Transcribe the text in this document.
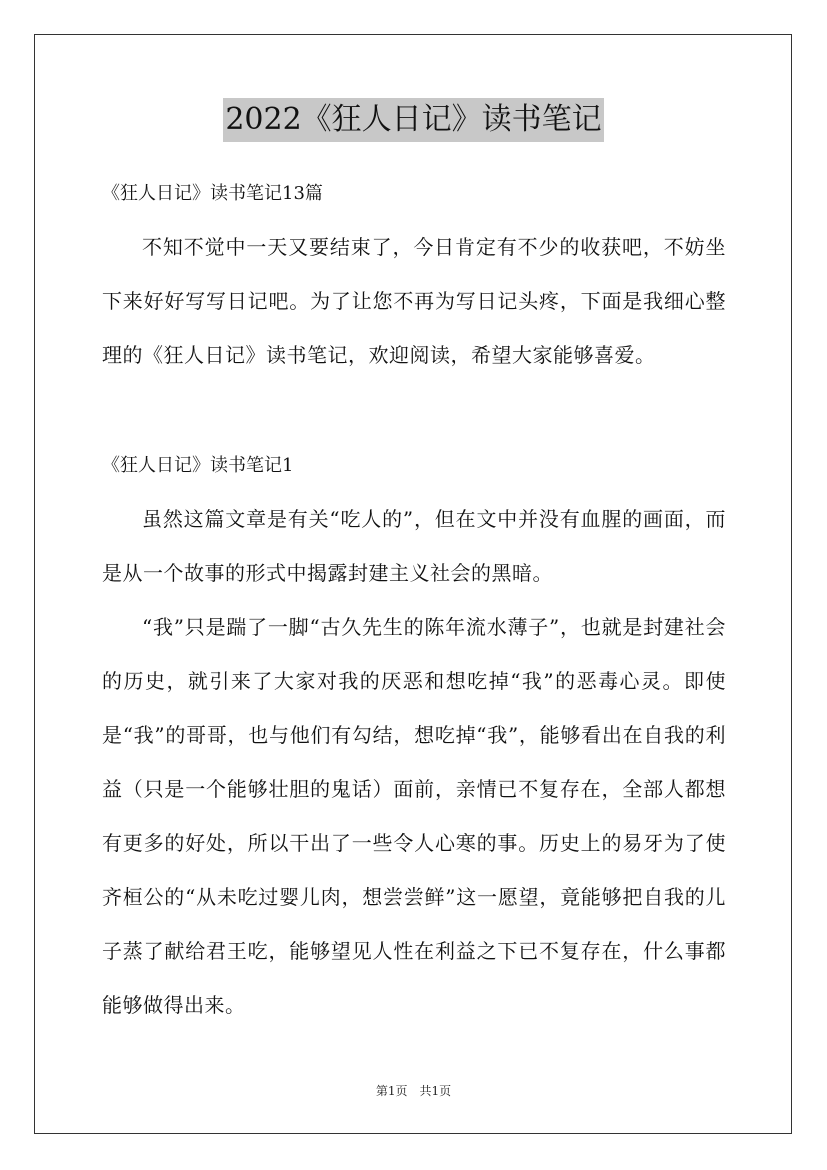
2022《狂人日记》读书笔记
《狂人日记》读书笔记13篇

不知不觉中一天又要结束了，今日肯定有不少的收获吧，不妨坐下来好好写写日记吧。为了让您不再为写日记头疼，下面是我细心整理的《狂人日记》读书笔记，欢迎阅读，希望大家能够喜爱。

《狂人日记》读书笔记1

虽然这篇文章是有关“吃人的”，但在文中并没有血腥的画面，而是从一个故事的形式中揭露封建主义社会的黑暗。

“我”只是踹了一脚“古久先生的陈年流水薄子”，也就是封建社会的历史，就引来了大家对我的厌恶和想吃掉“我”的恶毒心灵。即使是“我”的哥哥，也与他们有勾结，想吃掉“我”，能够看出在自我的利益（只是一个能够壮胆的鬼话）面前，亲情已不复存在，全部人都想有更多的好处，所以干出了一些令人心寒的事。历史上的易牙为了使齐桓公的“从未吃过婴儿肉，想尝尝鲜”这一愿望，竟能够把自我的儿子蒸了献给君王吃，能够望见人性在利益之下已不复存在，什么事都能够做得出来。

第1页　共1页
